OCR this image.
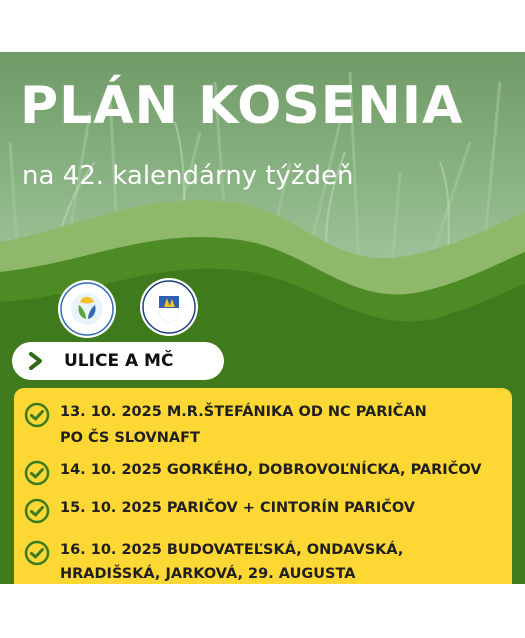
PLÁN KOSENIA

na 42. kalendárny týždeň

ULICE A MČ
13. 10. 2025 M.R.ŠTEFÁNIKA OD NC PARIČAN
PO ČS SLOVNAFT
14. 10. 2025 GORKÉHO, DOBROVOĽNÍCKA, PARIČOV
15. 10. 2025 PARIČOV + CINTORÍN PARIČOV
16. 10. 2025 BUDOVATEĽSKÁ, ONDAVSKÁ,
HRADIŠSKÁ, JARKOVÁ, 29. AUGUSTA
